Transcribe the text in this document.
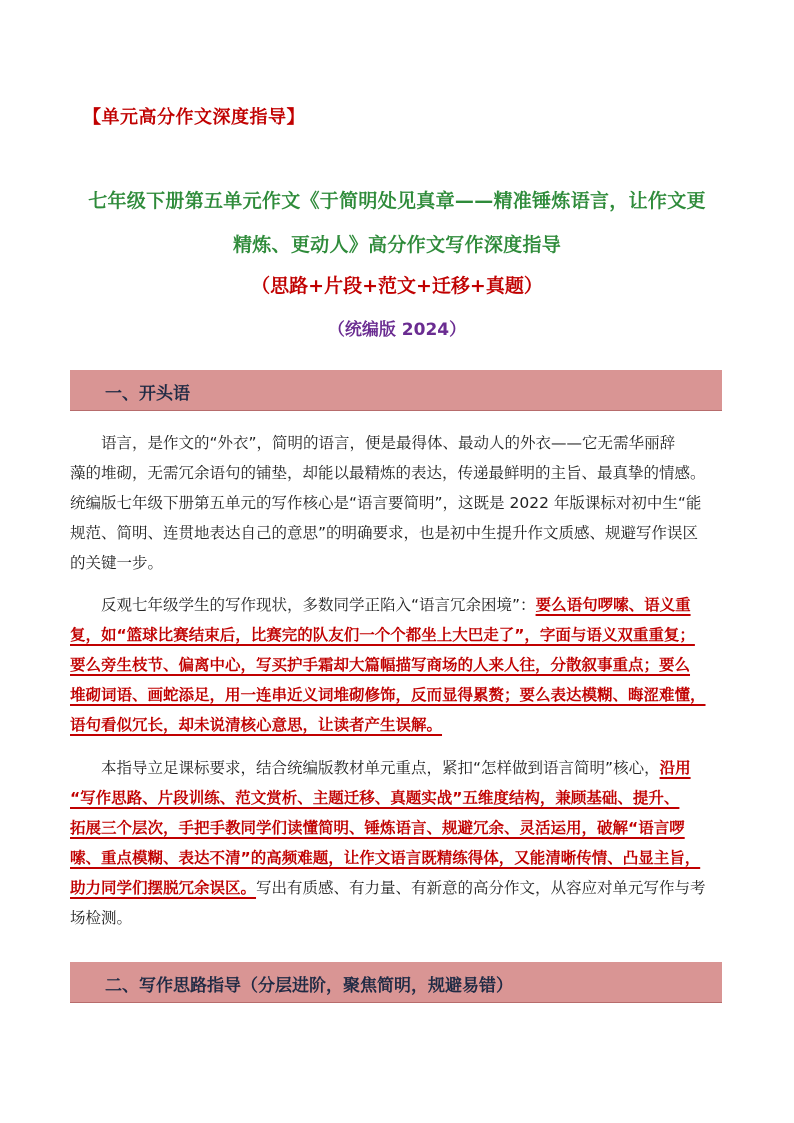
【单元高分作文深度指导】
七年级下册第五单元作文《于简明处见真章——精准锤炼语言，让作文更
精炼、更动人》高分作文写作深度指导
（思路+片段+范文+迁移+真题）
（统编版 2024）
一、开头语
　　语言，是作文的“外衣”，简明的语言，便是最得体、最动人的外衣——它无需华丽辞
藻的堆砌，无需冗余语句的铺垫，却能以最精炼的表达，传递最鲜明的主旨、最真挚的情感。
统编版七年级下册第五单元的写作核心是“语言要简明”，这既是 2022 年版课标对初中生“能
规范、简明、连贯地表达自己的意思”的明确要求，也是初中生提升作文质感、规避写作误区
的关键一步。
　　反观七年级学生的写作现状，多数同学正陷入“语言冗余困境”：要么语句啰嗦、语义重
复，如“篮球比赛结束后，比赛完的队友们一个个都坐上大巴走了”，字面与语义双重重复；
要么旁生枝节、偏离中心，写买护手霜却大篇幅描写商场的人来人往，分散叙事重点；要么
堆砌词语、画蛇添足，用一连串近义词堆砌修饰，反而显得累赘；要么表达模糊、晦涩难懂，
语句看似冗长，却未说清核心意思，让读者产生误解。
　　本指导立足课标要求，结合统编版教材单元重点，紧扣“怎样做到语言简明”核心，沿用
“写作思路、片段训练、范文赏析、主题迁移、真题实战”五维度结构，兼顾基础、提升、
拓展三个层次，手把手教同学们读懂简明、锤炼语言、规避冗余、灵活运用，破解“语言啰
嗦、重点模糊、表达不清”的高频难题，让作文语言既精练得体，又能清晰传情、凸显主旨，
助力同学们摆脱冗余误区。写出有质感、有力量、有新意的高分作文，从容应对单元写作与考
场检测。
二、写作思路指导（分层进阶，聚焦简明，规避易错）
